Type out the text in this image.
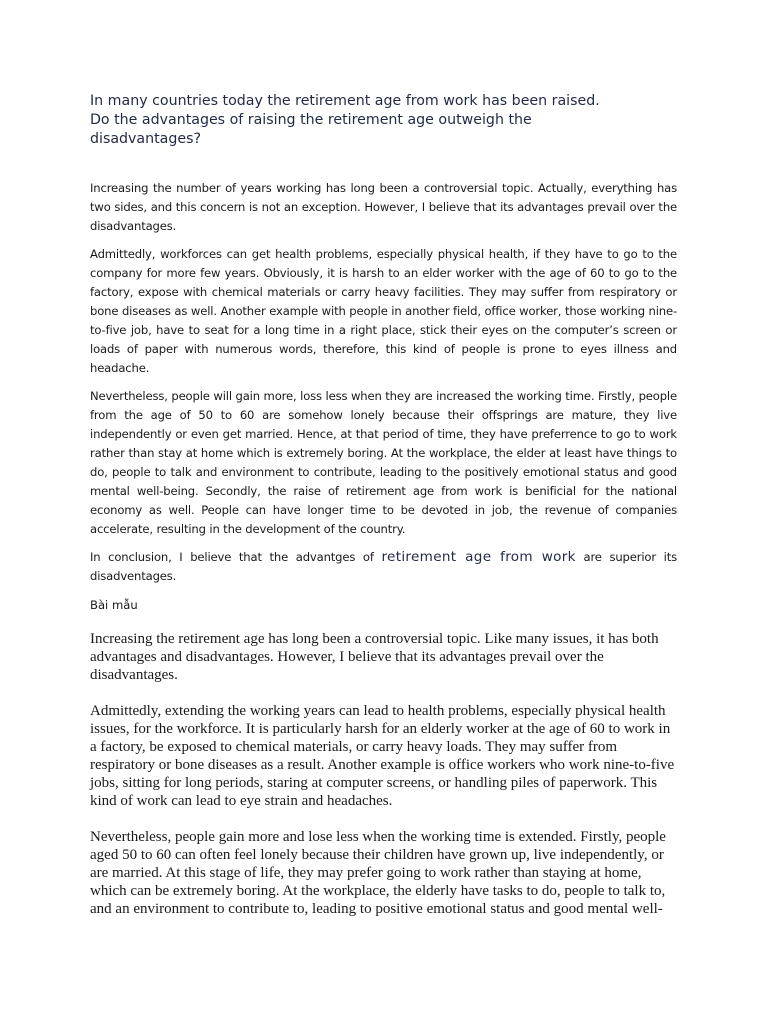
In many countries today the retirement age from work has been raised.
Do the advantages of raising the retirement age outweigh the
disadvantages?

Increasing the number of years working has long been a controversial topic. Actually, everything has two sides, and this concern is not an exception. However, I believe that its advantages prevail over the disadvantages.

Admittedly, workforces can get health problems, especially physical health, if they have to go to the company for more few years. Obviously, it is harsh to an elder worker with the age of 60 to go to the factory, expose with chemical materials or carry heavy facilities. They may suffer from respiratory or bone diseases as well. Another example with people in another field, office worker, those working nine-to-five job, have to seat for a long time in a right place, stick their eyes on the computer’s screen or loads of paper with numerous words, therefore, this kind of people is prone to eyes illness and headache.

Nevertheless, people will gain more, loss less when they are increased the working time. Firstly, people from the age of 50 to 60 are somehow lonely because their offsprings are mature, they live independently or even get married. Hence, at that period of time, they have preferrence to go to work rather than stay at home which is extremely boring. At the workplace, the elder at least have things to do, people to talk and environment to contribute, leading to the positively emotional status and good mental well-being. Secondly, the raise of retirement age from work is benificial for the national economy as well. People can have longer time to be devoted in job, the revenue of companies accelerate, resulting in the development of the country.

In conclusion, I believe that the advantges of retirement age from work are superior its disadventages.

Bài mẫu

Increasing the retirement age has long been a controversial topic. Like many issues, it has both advantages and disadvantages. However, I believe that its advantages prevail over the disadvantages.

Admittedly, extending the working years can lead to health problems, especially physical health issues, for the workforce. It is particularly harsh for an elderly worker at the age of 60 to work in a factory, be exposed to chemical materials, or carry heavy loads. They may suffer from respiratory or bone diseases as a result. Another example is office workers who work nine-to-five jobs, sitting for long periods, staring at computer screens, or handling piles of paperwork. This kind of work can lead to eye strain and headaches.

Nevertheless, people gain more and lose less when the working time is extended. Firstly, people aged 50 to 60 can often feel lonely because their children have grown up, live independently, or are married. At this stage of life, they may prefer going to work rather than staying at home, which can be extremely boring. At the workplace, the elderly have tasks to do, people to talk to, and an environment to contribute to, leading to positive emotional status and good mental well-
